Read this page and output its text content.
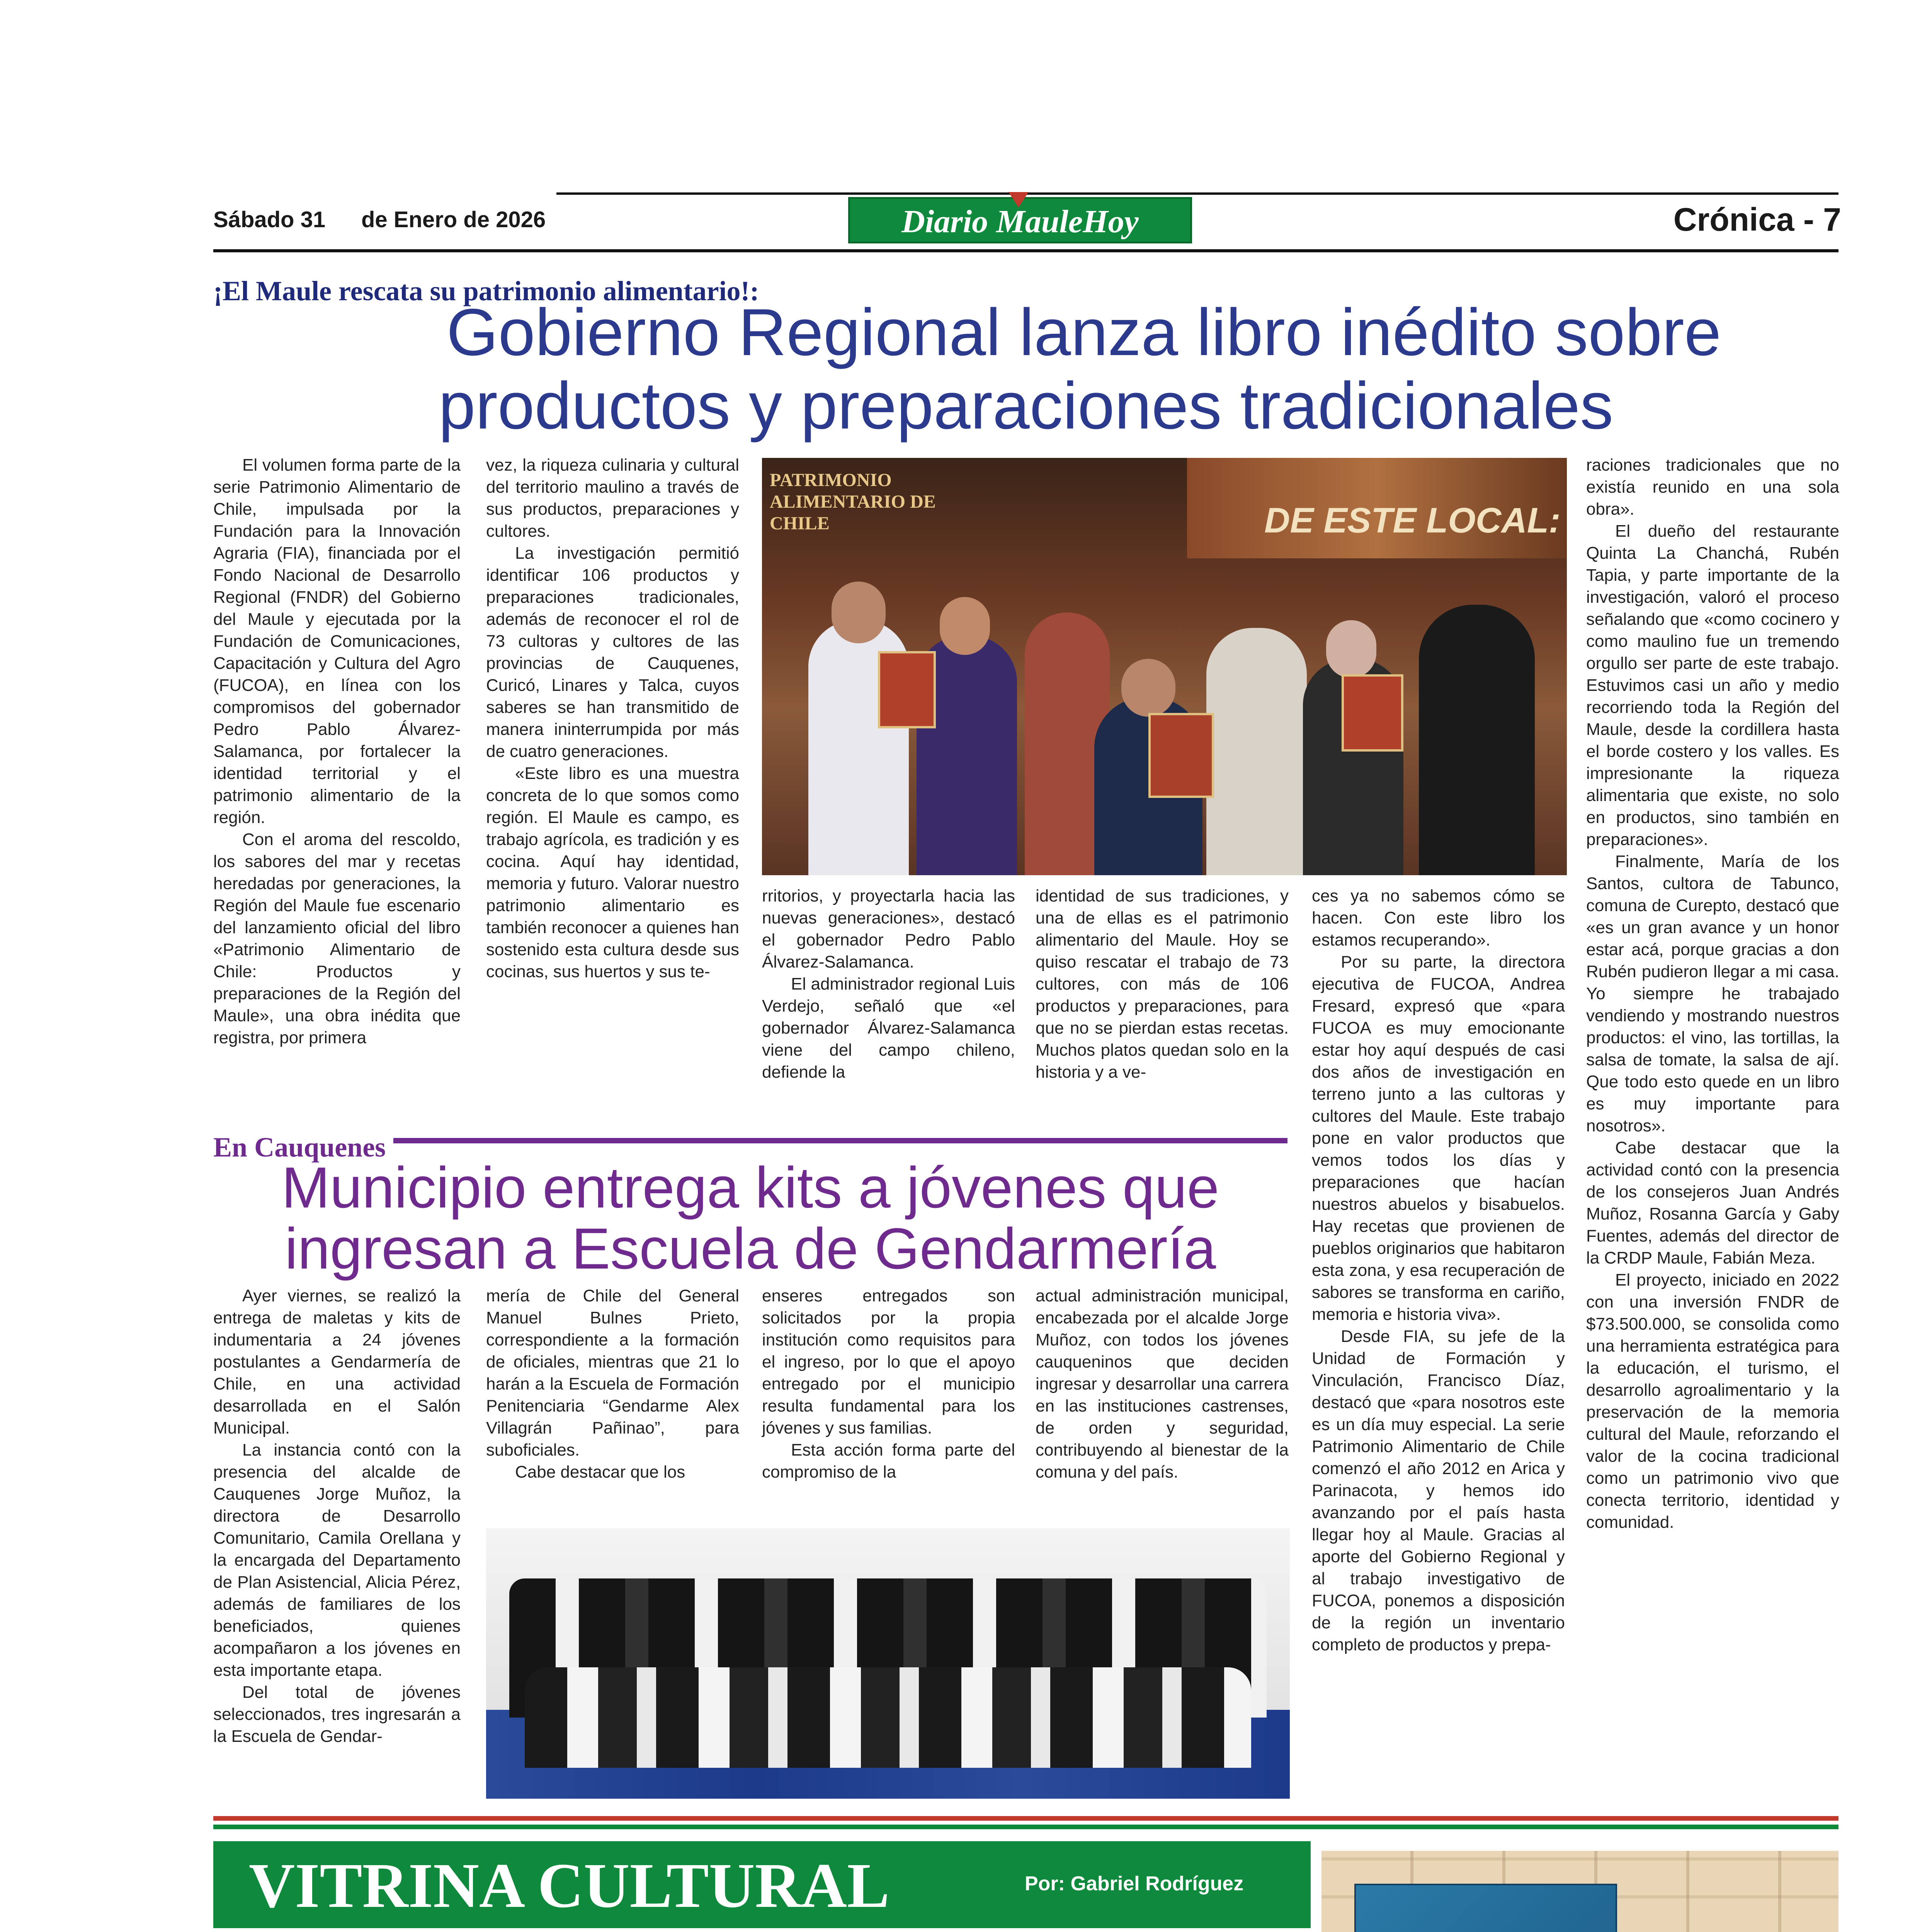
Sábado 31 de Enero de 2026	Diario MauleHoy	Crónica - 7
¡El Maule rescata su patrimonio alimentario!:
Gobierno Regional lanza libro inédito sobre
productos y preparaciones tradicionales

El volumen forma parte de la serie Patrimonio Alimentario de Chile, impulsada por la Fundación para la Innovación Agraria (FIA), financiada por el Fondo Nacional de Desarrollo Regional (FNDR) del Gobierno del Maule y ejecutada por la Fundación de Comunicaciones, Capacitación y Cultura del Agro (FUCOA), en línea con los compromisos del gobernador Pedro Pablo Álvarez-Salamanca, por fortalecer la identidad territorial y el patrimonio alimentario de la región.

Con el aroma del rescoldo, los sabores del mar y recetas heredadas por generaciones, la Región del Maule fue escenario del lanzamiento oficial del libro «Patrimonio Alimentario de Chile: Productos y preparaciones de la Región del Maule», una obra inédita que registra, por primera

vez, la riqueza culinaria y cultural del territorio maulino a través de sus productos, preparaciones y cultores.

La investigación permitió identificar 106 productos y preparaciones tradicionales, además de reconocer el rol de 73 cultoras y cultores de las provincias de Cauquenes, Curicó, Linares y Talca, cuyos saberes se han transmitido de manera ininterrumpida por más de cuatro generaciones.

«Este libro es una muestra concreta de lo que somos como región. El Maule es campo, es trabajo agrícola, es tradición y es cocina. Aquí hay identidad, memoria y futuro. Valorar nuestro patrimonio alimentario es también reconocer a quienes han sostenido esta cultura desde sus cocinas, sus huertos y sus te-

PATRIMONIO ALIMENTARIO DE CHILE	DE ESTE LOCAL:

rritorios, y proyectarla hacia las nuevas generaciones», destacó el gobernador Pedro Pablo Álvarez-Salamanca.

El administrador regional Luis Verdejo, señaló que «el gobernador Álvarez-Salamanca viene del campo chileno, defiende la

identidad de sus tradiciones, y una de ellas es el patrimonio alimentario del Maule. Hoy se quiso rescatar el trabajo de 73 cultores, con más de 106 productos y preparaciones, para que no se pierdan estas recetas. Muchos platos quedan solo en la historia y a ve-

ces ya no sabemos cómo se hacen. Con este libro los estamos recuperando».

Por su parte, la directora ejecutiva de FUCOA, Andrea Fresard, expresó que «para FUCOA es muy emocionante estar hoy aquí después de casi dos años de investigación en terreno junto a las cultoras y cultores del Maule. Este trabajo pone en valor productos que vemos todos los días y preparaciones que hacían nuestros abuelos y bisabuelos. Hay recetas que provienen de pueblos originarios que habitaron esta zona, y esa recuperación de sabores se transforma en cariño, memoria e historia viva».

Desde FIA, su jefe de la Unidad de Formación y Vinculación, Francisco Díaz, destacó que «para nosotros este es un día muy especial. La serie Patrimonio Alimentario de Chile comenzó el año 2012 en Arica y Parinacota, y hemos ido avanzando por el país hasta llegar hoy al Maule. Gracias al aporte del Gobierno Regional y al trabajo investigativo de FUCOA, ponemos a disposición de la región un inventario completo de productos y prepa-

raciones tradicionales que no existía reunido en una sola obra».

El dueño del restaurante Quinta La Chanchá, Rubén Tapia, y parte importante de la investigación, valoró el proceso señalando que «como cocinero y como maulino fue un tremendo orgullo ser parte de este trabajo. Estuvimos casi un año y medio recorriendo toda la Región del Maule, desde la cordillera hasta el borde costero y los valles. Es impresionante la riqueza alimentaria que existe, no solo en productos, sino también en preparaciones».

Finalmente, María de los Santos, cultora de Tabunco, comuna de Curepto, destacó que «es un gran avance y un honor estar acá, porque gracias a don Rubén pudieron llegar a mi casa. Yo siempre he trabajado vendiendo y mostrando nuestros productos: el vino, las tortillas, la salsa de tomate, la salsa de ají. Que todo esto quede en un libro es muy importante para nosotros».

Cabe destacar que la actividad contó con la presencia de los consejeros Juan Andrés Muñoz, Rosanna García y Gaby Fuentes, además del director de la CRDP Maule, Fabián Meza.

El proyecto, iniciado en 2022 con una inversión FNDR de $73.500.000, se consolida como una herramienta estratégica para la educación, el turismo, el desarrollo agroalimentario y la preservación de la memoria cultural del Maule, reforzando el valor de la cocina tradicional como un patrimonio vivo que conecta territorio, identidad y comunidad.

En Cauquenes
Municipio entrega kits a jóvenes que
ingresan a Escuela de Gendarmería

Ayer viernes, se realizó la entrega de maletas y kits de indumentaria a 24 jóvenes postulantes a Gendarmería de Chile, en una actividad desarrollada en el Salón Municipal.

La instancia contó con la presencia del alcalde de Cauquenes Jorge Muñoz, la directora de Desarrollo Comunitario, Camila Orellana y la encargada del Departamento de Plan Asistencial, Alicia Pérez, además de familiares de los beneficiados, quienes acompañaron a los jóvenes en esta importante etapa.

Del total de jóvenes seleccionados, tres ingresarán a la Escuela de Gendar-

mería de Chile del General Manuel Bulnes Prieto, correspondiente a la formación de oficiales, mientras que 21 lo harán a la Escuela de Formación Penitenciaria “Gendarme Alex Villagrán Pañinao”, para suboficiales.

Cabe destacar que los

enseres entregados son solicitados por la propia institución como requisitos para el ingreso, por lo que el apoyo entregado por el municipio resulta fundamental para los jóvenes y sus familias.

Esta acción forma parte del compromiso de la

actual administración municipal, encabezada por el alcalde Jorge Muñoz, con todos los jóvenes cauqueninos que deciden ingresar y desarrollar una carrera en las instituciones castrenses, de orden y seguridad, contribuyendo al bienestar de la comuna y del país.

VITRINA CULTURAL	Por: Gabriel Rodríguez
